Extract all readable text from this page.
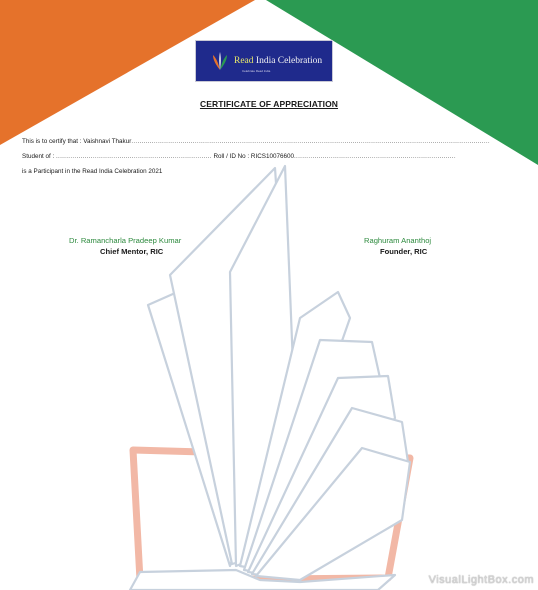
Read India Celebration
Celebrate Read India
CERTIFICATE OF APPRECIATION
This is to certify that : Vaishnavi Thakur...............................................................................................................................................................................
Student of : ............................................................................ Roll / ID No : RICS10076600...............................................................................
is a Participant in the Read India Celebration 2021
Dr. Ramancharla Pradeep Kumar
Chief Mentor, RIC
Raghuram Ananthoj
Founder, RIC
VisualLightBox.com
